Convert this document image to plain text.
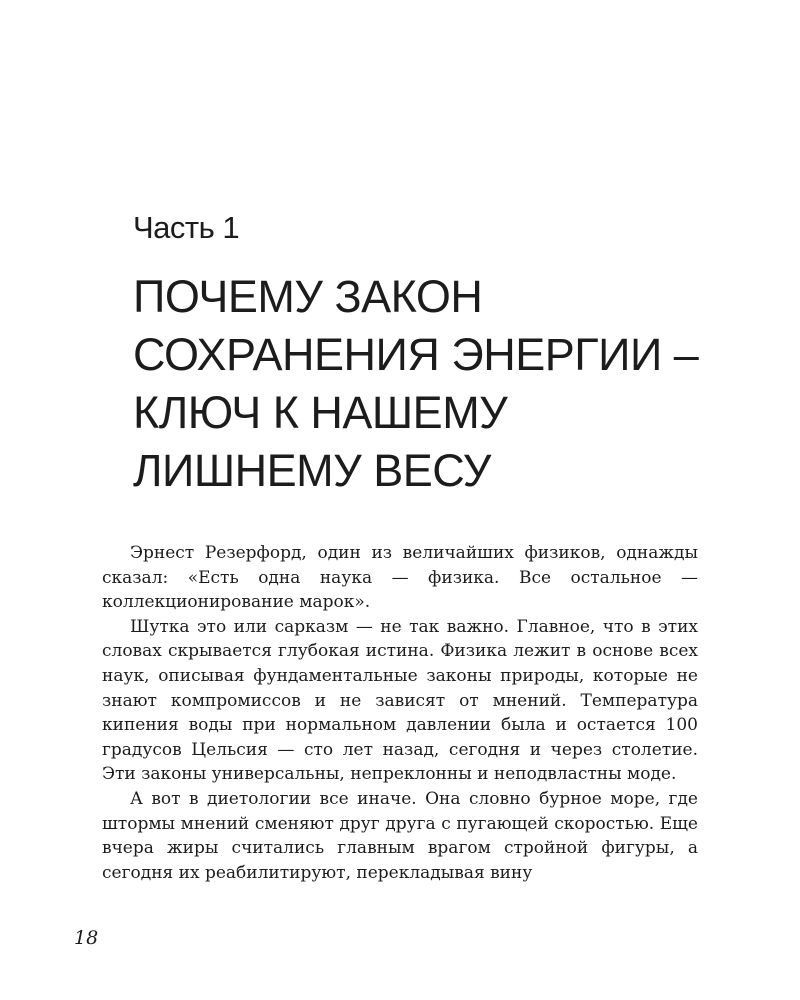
Часть 1
ПОЧЕМУ ЗАКОН
СОХРАНЕНИЯ ЭНЕРГИИ –
КЛЮЧ К НАШЕМУ
ЛИШНЕМУ ВЕСУ

Эрнест Резерфорд, один из величайших физиков, однажды сказал: «Есть одна наука — физика. Все остальное — коллекционирование марок».

Шутка это или сарказм — не так важно. Главное, что в этих словах скрывается глубокая истина. Физика лежит в основе всех наук, описывая фундаментальные законы природы, которые не знают компромиссов и не зависят от мнений. Температура кипения воды при нормальном давлении была и остается 100 градусов Цельсия — сто лет назад, сегодня и через столетие. Эти законы универсальны, непреклонны и неподвластны моде.

А вот в диетологии все иначе. Она словно бурное море, где штормы мнений сменяют друг друга с пугающей скоростью. Еще вчера жиры считались главным врагом стройной фигуры, а сегодня их реабилитируют, перекладывая вину

18
